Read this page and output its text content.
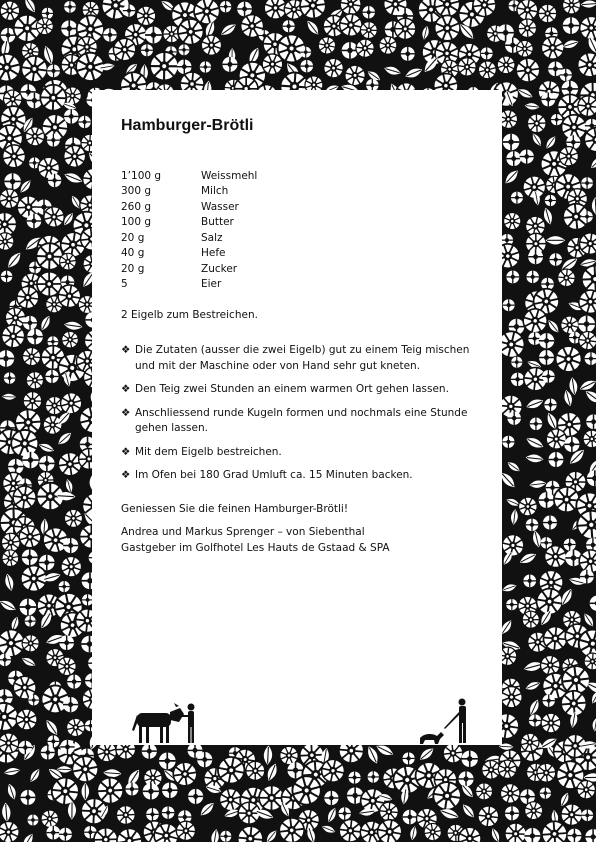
Hamburger-Brötli
1’100 g	Weissmehl
300 g	Milch
260 g	Wasser
100 g	Butter
20 g	Salz
40 g	Hefe
20 g	Zucker
5	Eier
2 Eigelb zum Bestreichen.
❖ Die Zutaten (ausser die zwei Eigelb) gut zu einem Teig mischen und mit der Maschine oder von Hand sehr gut kneten.
❖ Den Teig zwei Stunden an einem warmen Ort gehen lassen.
❖ Anschliessend runde Kugeln formen und nochmals eine Stunde gehen lassen.
❖ Mit dem Eigelb bestreichen.
❖ Im Ofen bei 180 Grad Umluft ca. 15 Minuten backen.
Geniessen Sie die feinen Hamburger-Brötli!
Andrea und Markus Sprenger – von Siebenthal
Gastgeber im Golfhotel Les Hauts de Gstaad & SPA
